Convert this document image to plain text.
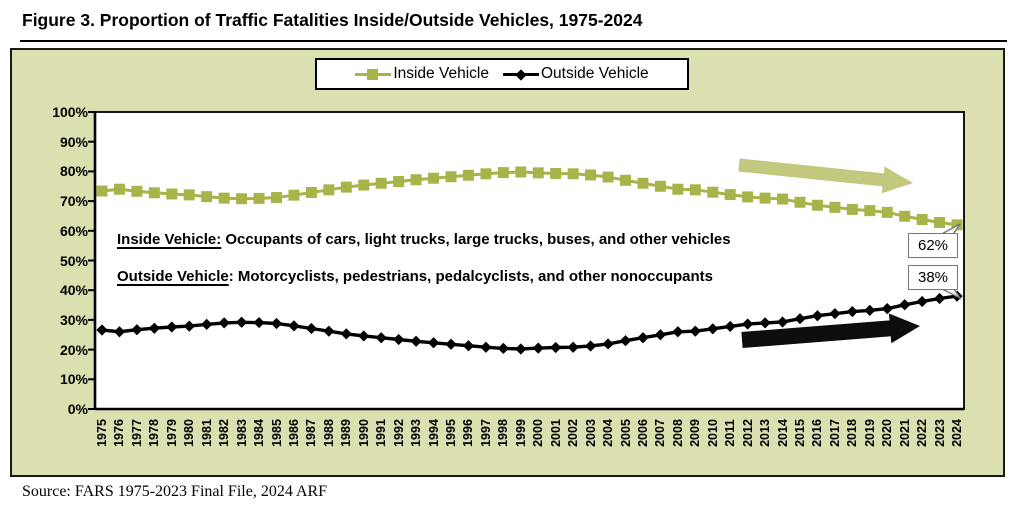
Figure 3. Proportion of Traffic Fatalities Inside/Outside Vehicles, 1975-2024
Inside Vehicle	Outside Vehicle
0%
10%
20%
30%
40%
50%
60%
70%
80%
90%
100%
1975 1976 1977 1978 1979 1980 1981 1982 1983 1984 1985 1986 1987 1988 1989 1990 1991 1992 1993 1994 1995 1996 1997 1998 1999 2000 2001 2002 2003 2004 2005 2006 2007 2008 2009 2010 2011 2012 2013 2014 2015 2016 2017 2018 2019 2020 2021 2022 2023 2024
Inside Vehicle: Occupants of cars, light trucks, large trucks, buses, and other vehicles
Outside Vehicle: Motorcyclists, pedestrians, pedalcyclists, and other nonoccupants
62%
38%
Source: FARS 1975-2023 Final File, 2024 ARF
